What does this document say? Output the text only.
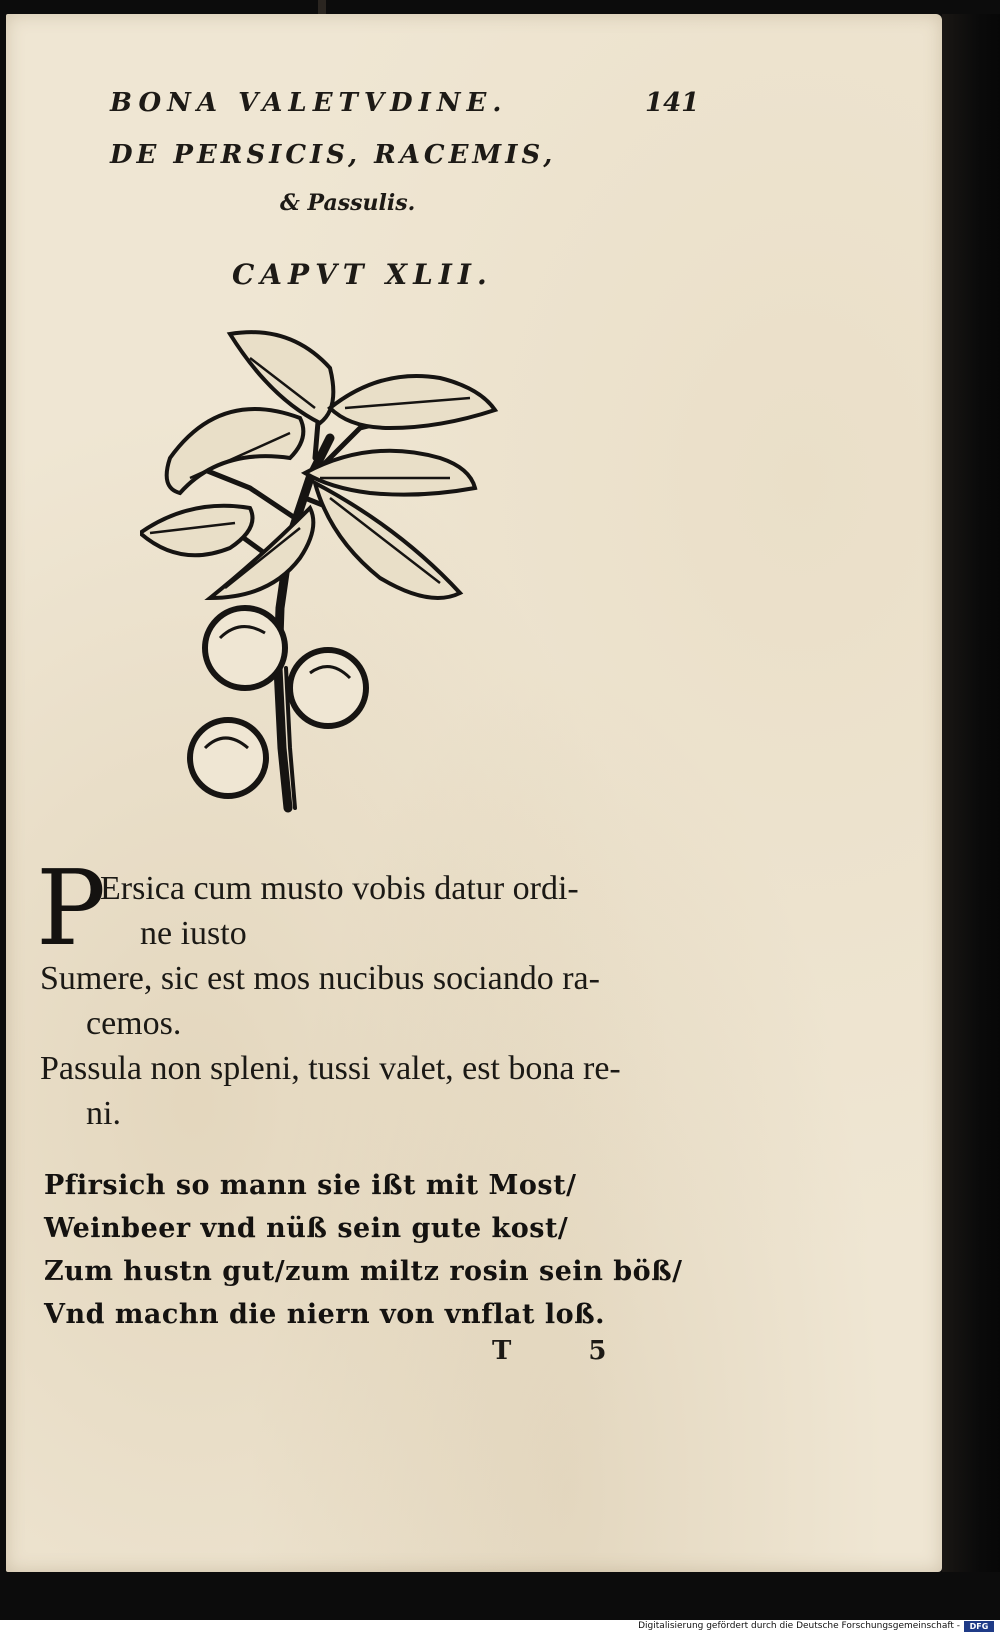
BONA VALETVDINE.	141
DE PERSICIS, RACEMIS,
& Passulis.
CAPVT XLII.
P
Ersica cum musto vobis datur ordi-
ne iusto
Sumere, sic est mos nucibus sociando ra-
cemos.
Passula non spleni, tussi valet, est bona re-
ni.
Pfirsich so mann sie ißt mit Most/
Weinbeer vnd nüß sein gute kost/
Zum hustn gut/zum miltz rosin sein böß/
Vnd machn die niern von vnflat loß.
T 5
Digitalisierung gefördert durch die Deutsche Forschungsgemeinschaft -	DFG
